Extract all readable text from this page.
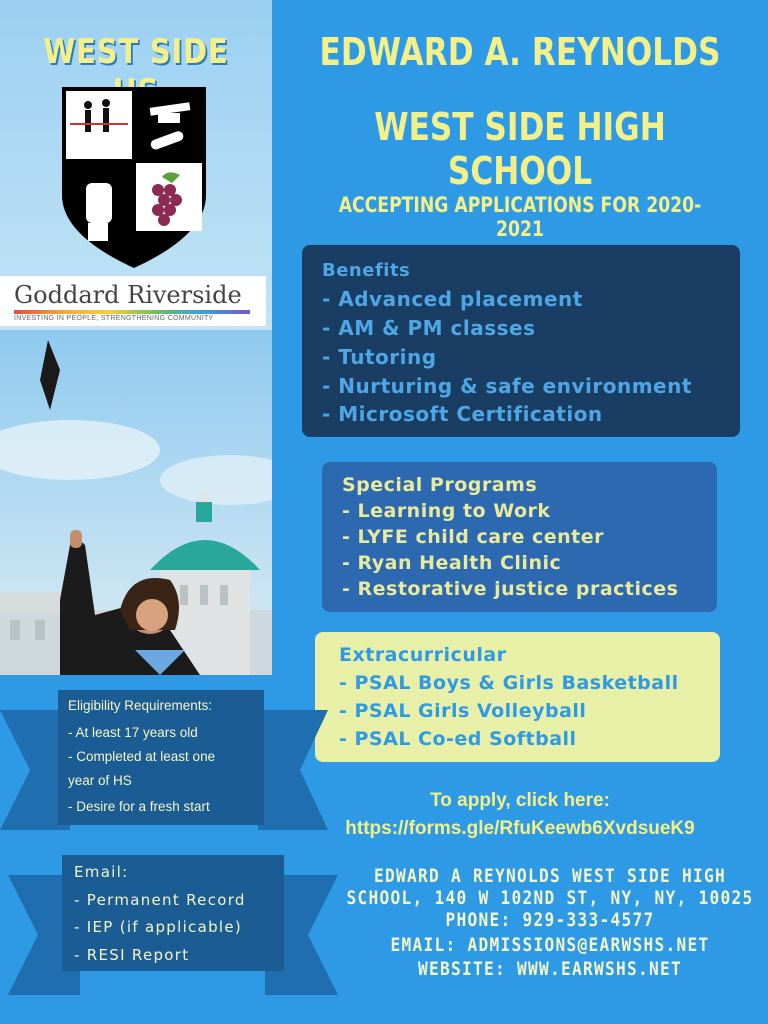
WEST SIDE
Goddard Riverside
INVESTING IN PEOPLE, STRENGTHENING COMMUNITY
EDWARD A. REYNOLDS
WEST SIDE HIGH SCHOOL
ACCEPTING APPLICATIONS FOR 2020-2021
Benefits
- Advanced placement
- AM & PM classes
- Tutoring
- Nurturing & safe environment
- Microsoft Certification
Special Programs
- Learning to Work
- LYFE child care center
- Ryan Health Clinic
- Restorative justice practices
Extracurricular
- PSAL Boys & Girls Basketball
- PSAL Girls Volleyball
- PSAL Co-ed Softball
To apply, click here:
https://forms.gle/RfuKeewb6XvdsueK9
EDWARD A REYNOLDS WEST SIDE HIGH
SCHOOL, 140 W 102ND ST, NY, NY, 10025
PHONE: 929-333-4577
EMAIL: ADMISSIONS@EARWSHS.NET
WEBSITE: WWW.EARWSHS.NET
Eligibility Requirements:
- At least 17 years old
- Completed at least one
year of HS
- Desire for a fresh start
Email:
- Permanent Record
- IEP (if applicable)
- RESI Report
